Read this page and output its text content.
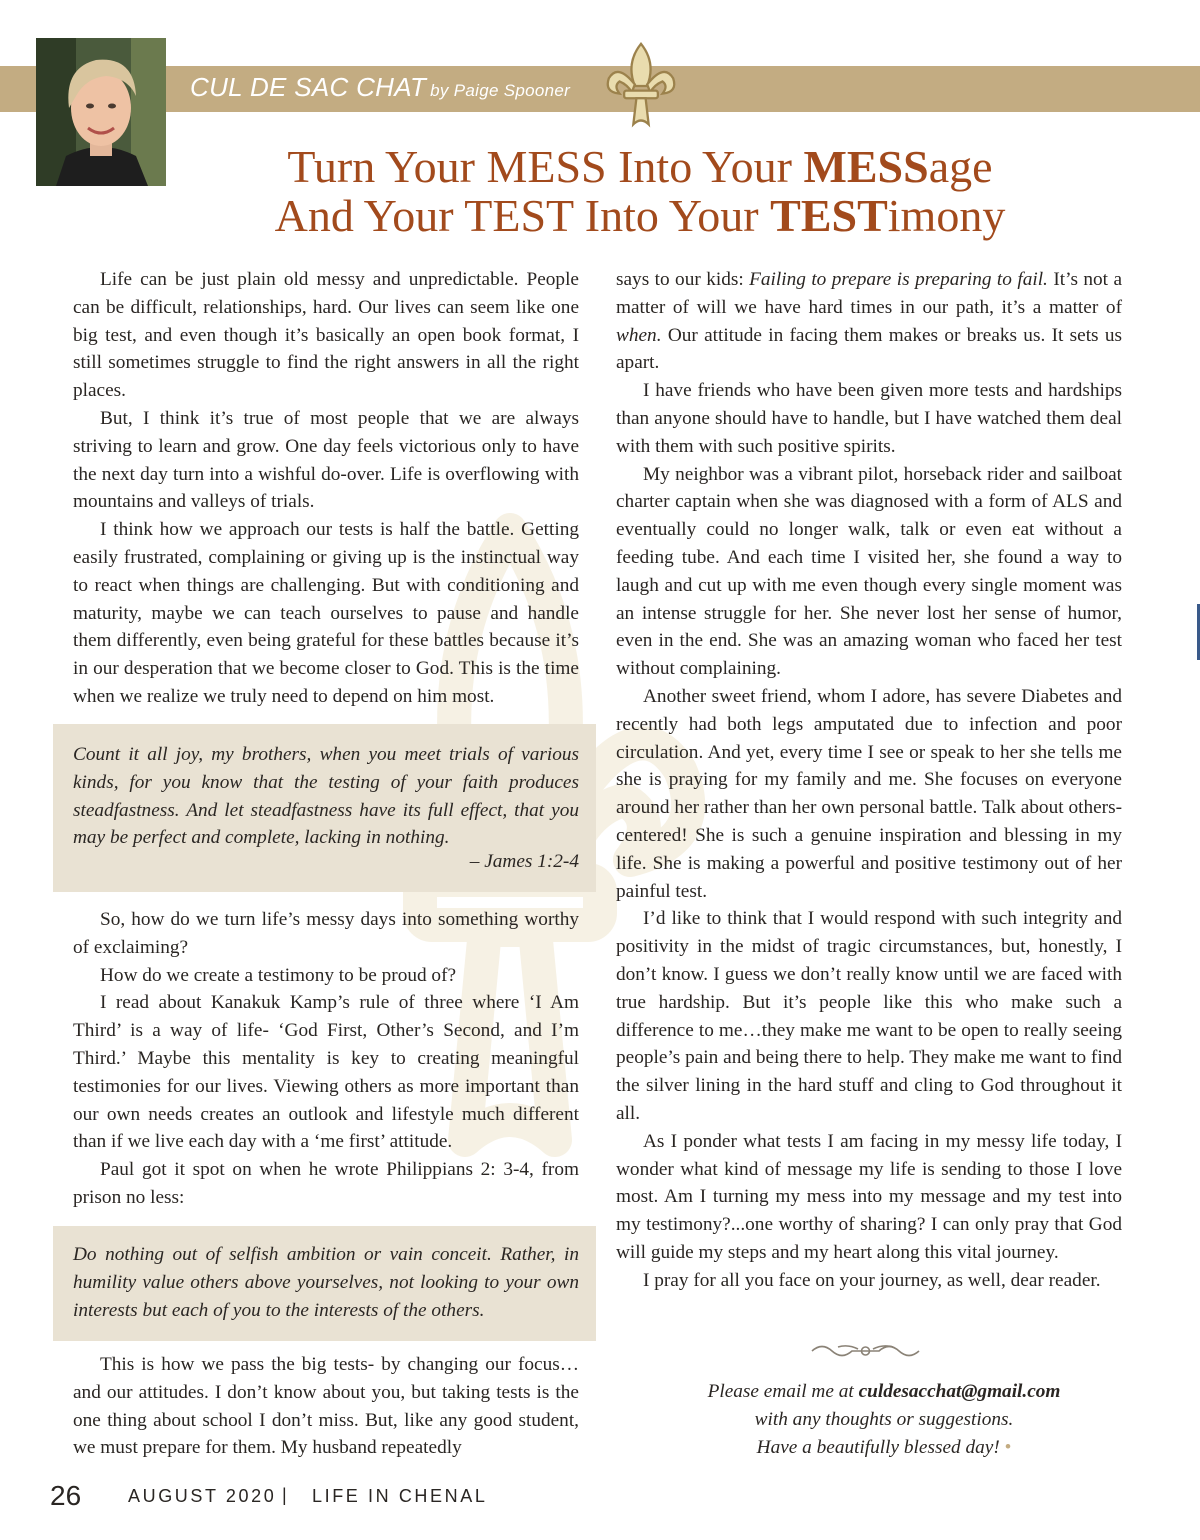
CUL DE SAC CHAT by Paige Spooner
Turn Your MESS Into Your MESSage
And Your TEST Into Your TESTimony

Life can be just plain old messy and unpredictable. People can be difficult, relationships, hard. Our lives can seem like one big test, and even though it’s basically an open book format, I still sometimes struggle to find the right answers in all the right places.

But, I think it’s true of most people that we are always striving to learn and grow. One day feels victorious only to have the next day turn into a wishful do-over. Life is overflowing with mountains and valleys of trials.

I think how we approach our tests is half the battle. Getting easily frustrated, complaining or giving up is the instinctual way to react when things are challenging. But with conditioning and maturity, maybe we can teach ourselves to pause and handle them differently, even being grateful for these battles because it’s in our desperation that we become closer to God. This is the time when we realize we truly need to depend on him most.

Count it all joy, my brothers, when you meet trials of various kinds, for you know that the testing of your faith produces steadfastness. And let steadfastness have its full effect, that you may be perfect and complete, lacking in nothing.
– James 1:2-4

So, how do we turn life’s messy days into something worthy of exclaiming?

How do we create a testimony to be proud of?

I read about Kanakuk Kamp’s rule of three where ‘I Am Third’ is a way of life- ‘God First, Other’s Second, and I’m Third.’ Maybe this mentality is key to creating meaningful testimonies for our lives. Viewing others as more important than our own needs creates an outlook and lifestyle much different than if we live each day with a ‘me first’ attitude.

Paul got it spot on when he wrote Philippians 2: 3-4, from prison no less:

Do nothing out of selfish ambition or vain conceit. Rather, in humility value others above yourselves, not looking to your own interests but each of you to the interests of the others.

This is how we pass the big tests- by changing our focus… and our attitudes. I don’t know about you, but taking tests is the one thing about school I don’t miss. But, like any good student, we must prepare for them. My husband repeatedly

says to our kids: Failing to prepare is preparing to fail. It’s not a matter of will we have hard times in our path, it’s a matter of when. Our attitude in facing them makes or breaks us. It sets us apart.

I have friends who have been given more tests and hardships than anyone should have to handle, but I have watched them deal with them with such positive spirits.

My neighbor was a vibrant pilot, horseback rider and sailboat charter captain when she was diagnosed with a form of ALS and eventually could no longer walk, talk or even eat without a feeding tube. And each time I visited her, she found a way to laugh and cut up with me even though every single moment was an intense struggle for her. She never lost her sense of humor, even in the end. She was an amazing woman who faced her test without complaining.

Another sweet friend, whom I adore, has severe Diabetes and recently had both legs amputated due to infection and poor circulation. And yet, every time I see or speak to her she tells me she is praying for my family and me. She focuses on everyone around her rather than her own personal battle. Talk about others-centered! She is such a genuine inspiration and blessing in my life. She is making a powerful and positive testimony out of her painful test.

I’d like to think that I would respond with such integrity and positivity in the midst of tragic circumstances, but, honestly, I don’t know. I guess we don’t really know until we are faced with true hardship. But it’s people like this who make such a difference to me…they make me want to be open to really seeing people’s pain and being there to help. They make me want to find the silver lining in the hard stuff and cling to God throughout it all.

As I ponder what tests I am facing in my messy life today, I wonder what kind of message my life is sending to those I love most. Am I turning my mess into my message and my test into my testimony?...one worthy of sharing? I can only pray that God will guide my steps and my heart along this vital journey.

I pray for all you face on your journey, as well, dear reader.

Please email me at culdesacchat@gmail.com
with any thoughts or suggestions.
Have a beautifully blessed day! •
26	AUGUST 2020 | LIFE IN CHENAL
